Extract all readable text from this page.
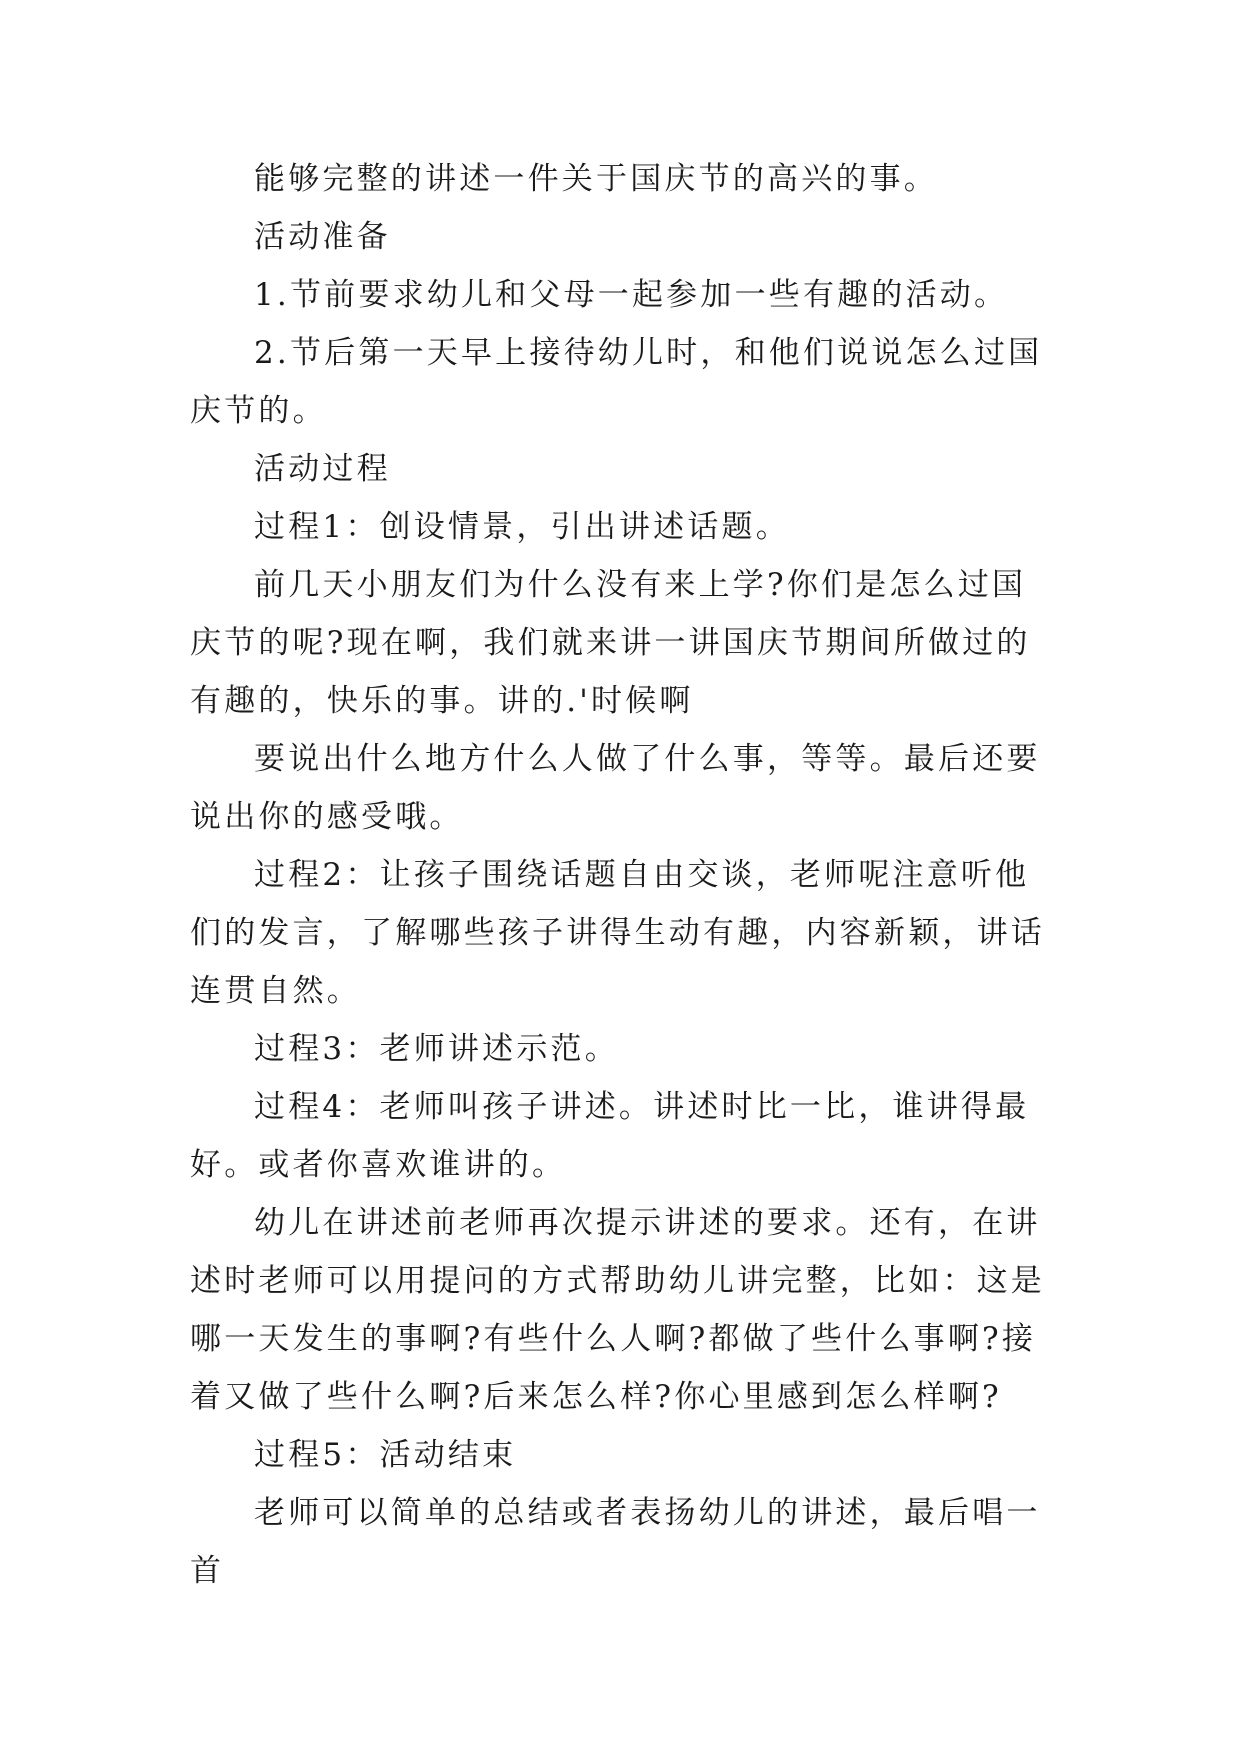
能够完整的讲述一件关于国庆节的高兴的事。

活动准备

1.节前要求幼儿和父母一起参加一些有趣的活动。

2.节后第一天早上接待幼儿时，和他们说说怎么过国庆节的。

活动过程

过程1：创设情景，引出讲述话题。

前几天小朋友们为什么没有来上学?你们是怎么过国庆节的呢?现在啊，我们就来讲一讲国庆节期间所做过的有趣的，快乐的事。讲的.'时候啊

要说出什么地方什么人做了什么事，等等。最后还要说出你的感受哦。

过程2：让孩子围绕话题自由交谈，老师呢注意听他们的发言，了解哪些孩子讲得生动有趣，内容新颖，讲话连贯自然。

过程3：老师讲述示范。

过程4：老师叫孩子讲述。讲述时比一比，谁讲得最好。或者你喜欢谁讲的。

幼儿在讲述前老师再次提示讲述的要求。还有，在讲述时老师可以用提问的方式帮助幼儿讲完整，比如：这是哪一天发生的事啊?有些什么人啊?都做了些什么事啊?接着又做了些什么啊?后来怎么样?你心里感到怎么样啊?

过程5：活动结束

老师可以简单的总结或者表扬幼儿的讲述，最后唱一首
